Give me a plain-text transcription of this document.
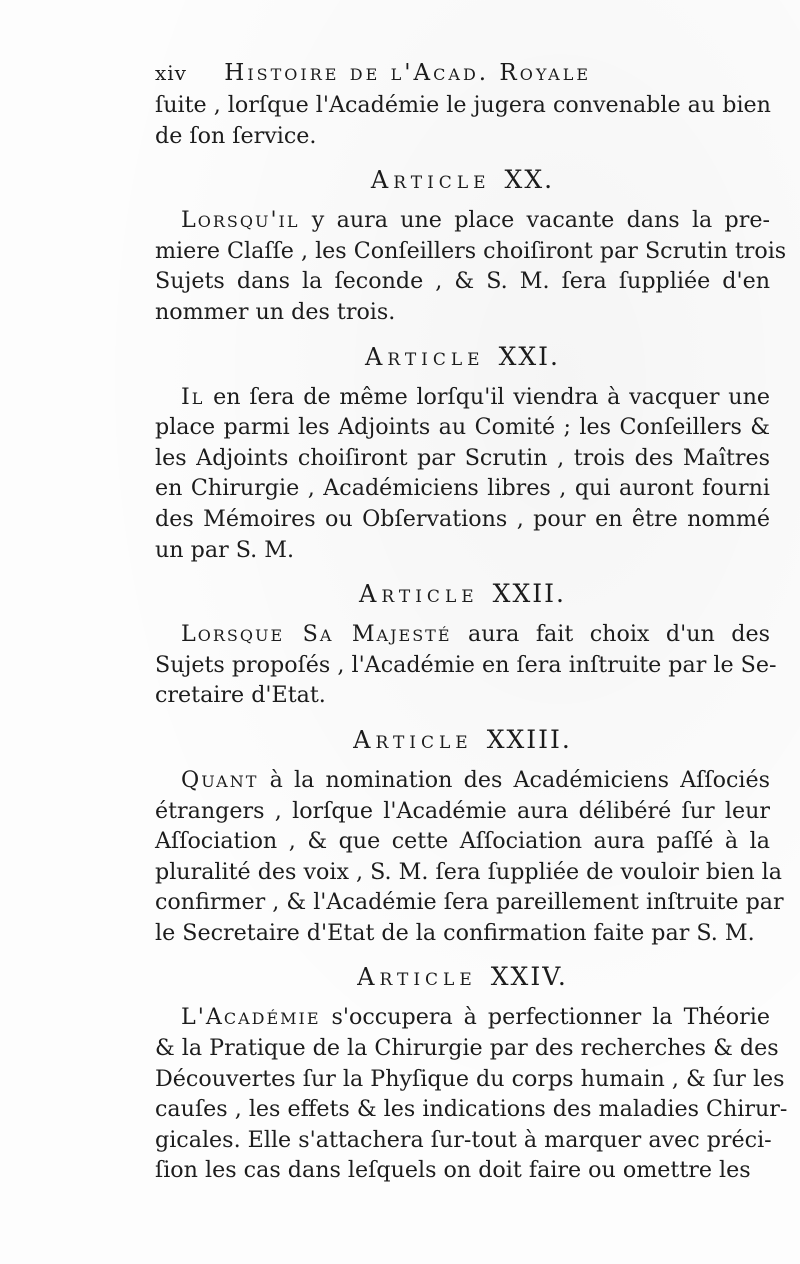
xiv Histoire de l'Acad. Royale
ſuite , lorſque l'Académie le jugera convenable au bien
de ſon ſervice.
Article XX.
Lorsqu'il y aura une place vacante dans la pre-
miere Claſſe , les Conſeillers choiſiront par Scrutin trois
Sujets dans la ſeconde , & S. M. ſera ſuppliée d'en
nommer un des trois.
Article XXI.
Il en ſera de même lorſqu'il viendra à vacquer une
place parmi les Adjoints au Comité ; les Conſeillers &
les Adjoints choiſiront par Scrutin , trois des Maîtres
en Chirurgie , Académiciens libres , qui auront fourni
des Mémoires ou Obſervations , pour en être nommé
un par S. M.
Article XXII.
Lorsque Sa Majesté aura fait choix d'un des
Sujets propoſés , l'Académie en ſera inſtruite par le Se-
cretaire d'Etat.
Article XXIII.
Quant à la nomination des Académiciens Aſſociés
étrangers , lorſque l'Académie aura délibéré ſur leur
Aſſociation , & que cette Aſſociation aura paſſé à la
pluralité des voix , S. M. ſera ſuppliée de vouloir bien la
confirmer , & l'Académie ſera pareillement inſtruite par
le Secretaire d'Etat de la confirmation faite par S. M.
Article XXIV.
L'Académie s'occupera à perfectionner la Théorie
& la Pratique de la Chirurgie par des recherches & des
Découvertes ſur la Phyſique du corps humain , & ſur les
cauſes , les effets & les indications des maladies Chirur-
gicales. Elle s'attachera ſur-tout à marquer avec préci-
ſion les cas dans leſquels on doit faire ou omettre les
